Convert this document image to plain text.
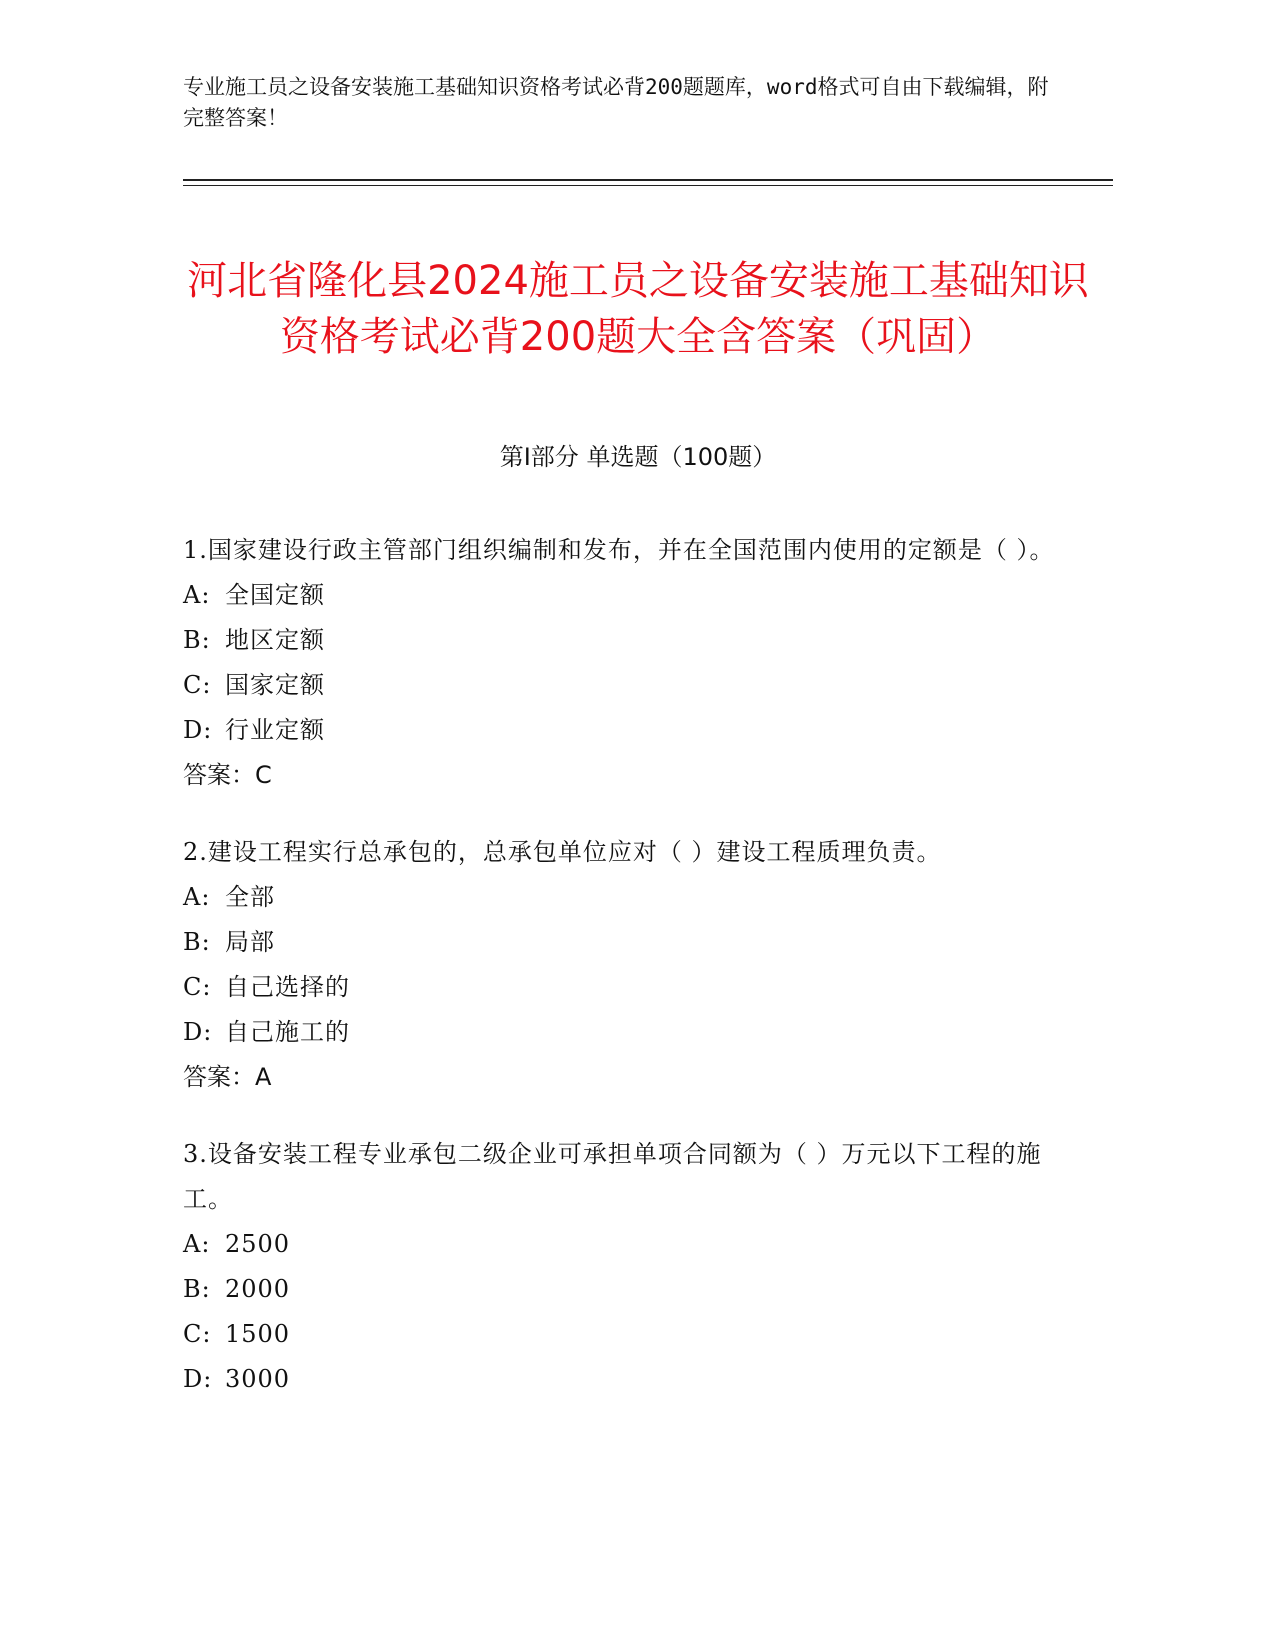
专业施工员之设备安装施工基础知识资格考试必背200题题库，word格式可自由下载编辑，附完整答案！
河北省隆化县2024施工员之设备安装施工基础知识资格考试必背200题大全含答案（巩固）
第Ⅰ部分 单选题（100题）
1.国家建设行政主管部门组织编制和发布，并在全国范围内使用的定额是（ ）。
A: 全国定额
B: 地区定额
C: 国家定额
D: 行业定额
答案：C
2.建设工程实行总承包的，总承包单位应对（ ）建设工程质理负责。
A: 全部
B: 局部
C: 自己选择的
D: 自己施工的
答案：A
3.设备安装工程专业承包二级企业可承担单项合同额为（ ）万元以下工程的施工。
A: 2500
B: 2000
C: 1500
D: 3000
